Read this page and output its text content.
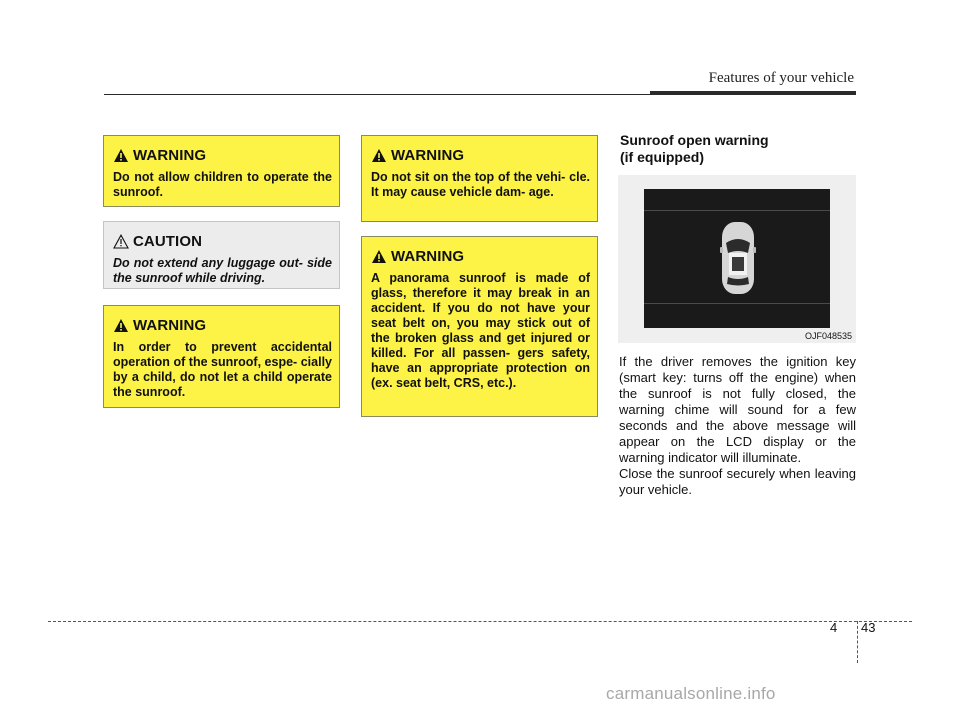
Features of your vehicle
WARNING
Do not allow children to operate the sunroof.
CAUTION
Do not extend any luggage out- side the sunroof while driving.
WARNING
In order to prevent accidental operation of the sunroof, espe- cially by a child, do not let a child operate the sunroof.
WARNING
Do not sit on the top of the vehi- cle. It may cause vehicle dam- age.
WARNING
A panorama sunroof is made of glass, therefore it may break in an accident. If you do not have your seat belt on, you may stick out of the broken glass and get injured or killed. For all passen- gers safety, have an appropriate protection on (ex. seat belt, CRS, etc.).
Sunroof open warning
(if equipped)
OJF048535
If the driver removes the ignition key (smart key: turns off the engine) when the sunroof is not fully closed, the warning chime will sound for a few seconds and the above message will appear on the LCD display or the warning indicator will illuminate.
Close the sunroof securely when leaving your vehicle.
4 43
carmanualsonline.info
